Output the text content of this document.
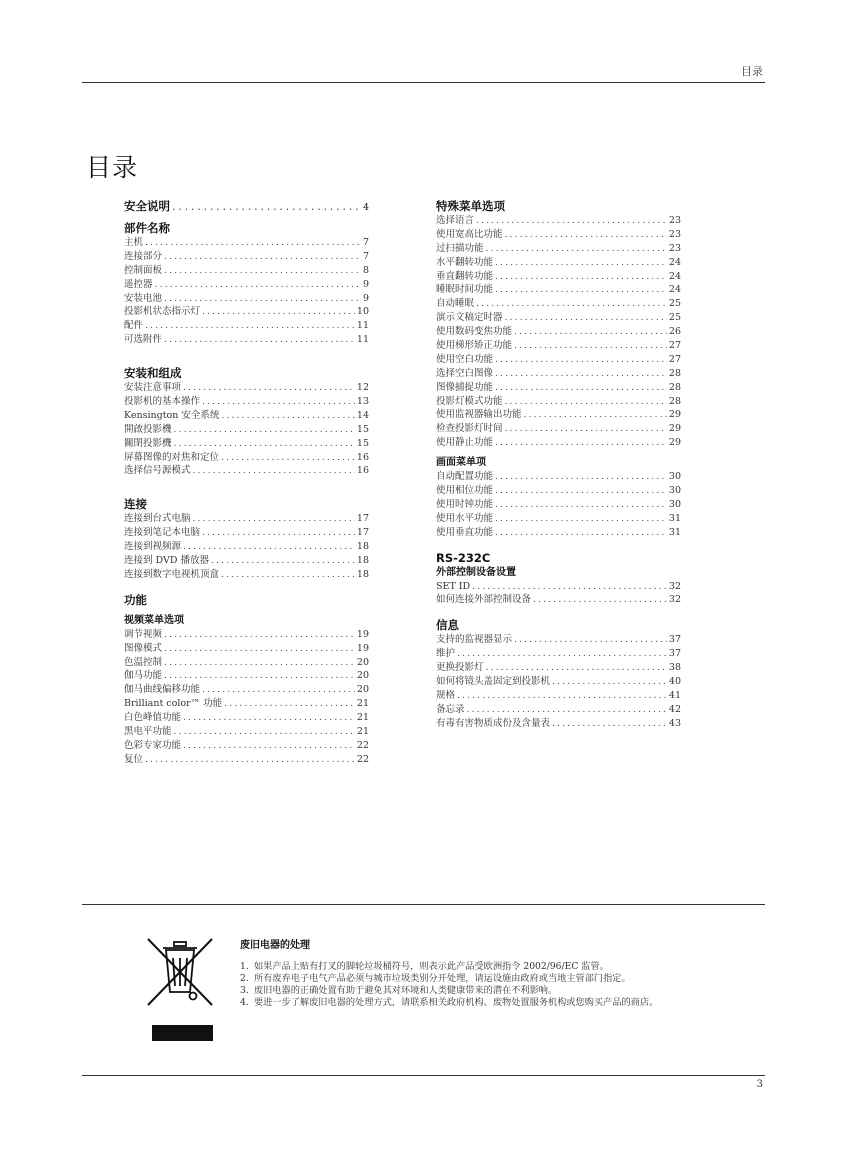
目录
目录
安全说明 . . .	4
部件名称
主机 . . .	7
连接部分 . . .	7
控制面板 . . .	8
遥控器 . . .	9
安装电池 . . .	9
投影机状态指示灯 . . .	10
配件 . . .	11
可选附件 . . .	11
安装和组成
安装注意事项 . . .	12
投影机的基本操作 . . .	13
Kensington 安全系统 . . .	14
開啟投影機 . . .	15
關閉投影機 . . .	15
屏幕图像的对焦和定位 . . .	16
选择信号源模式 . . .	16
连接
连接到台式电脑 . . .	17
连接到笔记本电脑 . . .	17
连接到视频源 . . .	18
连接到 DVD 播放器 . . .	18
连接到数字电视机顶盒 . . .	18
功能
视频菜单选项
调节视频 . . .	19
图像模式 . . .	19
色温控制 . . .	20
伽马功能 . . .	20
伽马曲线偏移功能 . . .	20
Brilliant color™ 功能 . . .	21
白色峰值功能 . . .	21
黑电平功能 . . .	21
色彩专家功能 . . .	22
复位 . . .	22
特殊菜单选项
选择语言 . . .	23
使用宽高比功能 . . .	23
过扫描功能 . . .	23
水平翻转功能 . . .	24
垂直翻转功能 . . .	24
睡眠时间功能 . . .	24
自动睡眠 . . .	25
演示文稿定时器 . . .	25
使用数码变焦功能 . . .	26
使用梯形矫正功能 . . .	27
使用空白功能 . . .	27
选择空白图像 . . .	28
图像捕捉功能 . . .	28
投影灯模式功能 . . .	28
使用监视器输出功能 . . .	29
检查投影灯时间 . . .	29
使用静止功能 . . .	29
画面菜单项
自动配置功能 . . .	30
使用相位功能 . . .	30
使用时钟功能 . . .	30
使用水平功能 . . .	31
使用垂直功能 . . .	31
RS-232C
外部控制设备设置
SET ID . . .	32
如何连接外部控制设备 . . .	32
信息
支持的监视器显示 . . .	37
维护 . . .	37
更换投影灯 . . .	38
如何将镜头盖固定到投影机 . . .	40
规格 . . .	41
备忘录 . . .	42
有毒有害物质成份及含量表 . . .	43
废旧电器的处理
1. 如果产品上贴有打叉的脚轮垃圾桶符号，则表示此产品受欧洲指令 2002/96/EC 监管。
2. 所有废弃电子电气产品必须与城市垃圾类别分开处理，请运设施由政府或当地主管部门指定。
3. 废旧电器的正确处置有助于避免其对环境和人类健康带来的潜在不利影响。
4. 要进一步了解废旧电器的处理方式，请联系相关政府机构、废物处置服务机构或您购买产品的商店。
3
